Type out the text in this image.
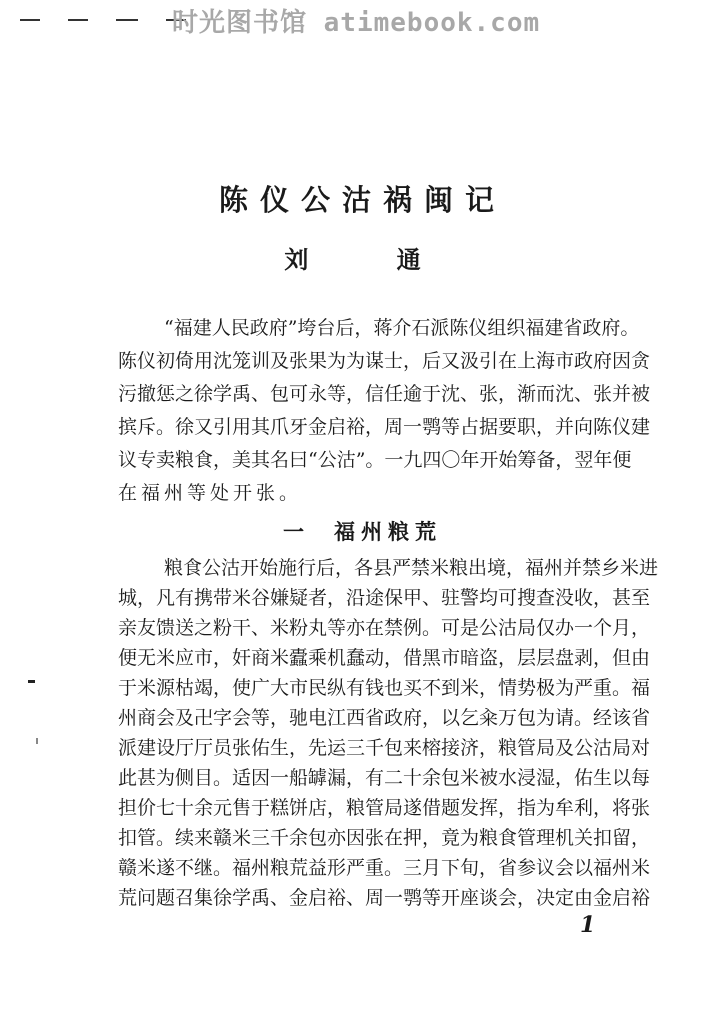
时光图书馆 atimebook.com
陈仪公沽祸闽记
刘 通
“福建人民政府”垮台后，蒋介石派陈仪组织福建省政府。
陈仪初倚用沈笼训及张果为为谋士，后又汲引在上海市政府因贪
污撤惩之徐学禹、包可永等，信任逾于沈、张，渐而沈、张并被
摈斥。徐又引用其爪牙金启裕，周一鹗等占据要职，并向陈仪建
议专卖粮食，美其名曰“公沽”。一九四〇年开始筹备，翌年便
在福州等处开张。
一 福州粮荒
粮食公沽开始施行后，各县严禁米粮出境，福州并禁乡米进
城，凡有携带米谷嫌疑者，沿途保甲、驻警均可搜查没收，甚至
亲友馈送之粉干、米粉丸等亦在禁例。可是公沽局仅办一个月，
便无米应市，奸商米蠹乘机蠢动，借黑市暗盗，层层盘剥，但由
于米源枯竭，使广大市民纵有钱也买不到米，情势极为严重。福
州商会及卍字会等，驰电江西省政府，以乞籴万包为请。经该省
派建设厅厅员张佑生，先运三千包来榕接济，粮管局及公沽局对
此甚为侧目。适因一船罅漏，有二十余包米被水浸湿，佑生以每
担价七十余元售于糕饼店，粮管局遂借题发挥，指为牟利，将张
扣管。续来赣米三千余包亦因张在押，竟为粮食管理机关扣留，
赣米遂不继。福州粮荒益形严重。三月下旬，省参议会以福州米
荒问题召集徐学禹、金启裕、周一鹗等开座谈会，决定由金启裕
1
